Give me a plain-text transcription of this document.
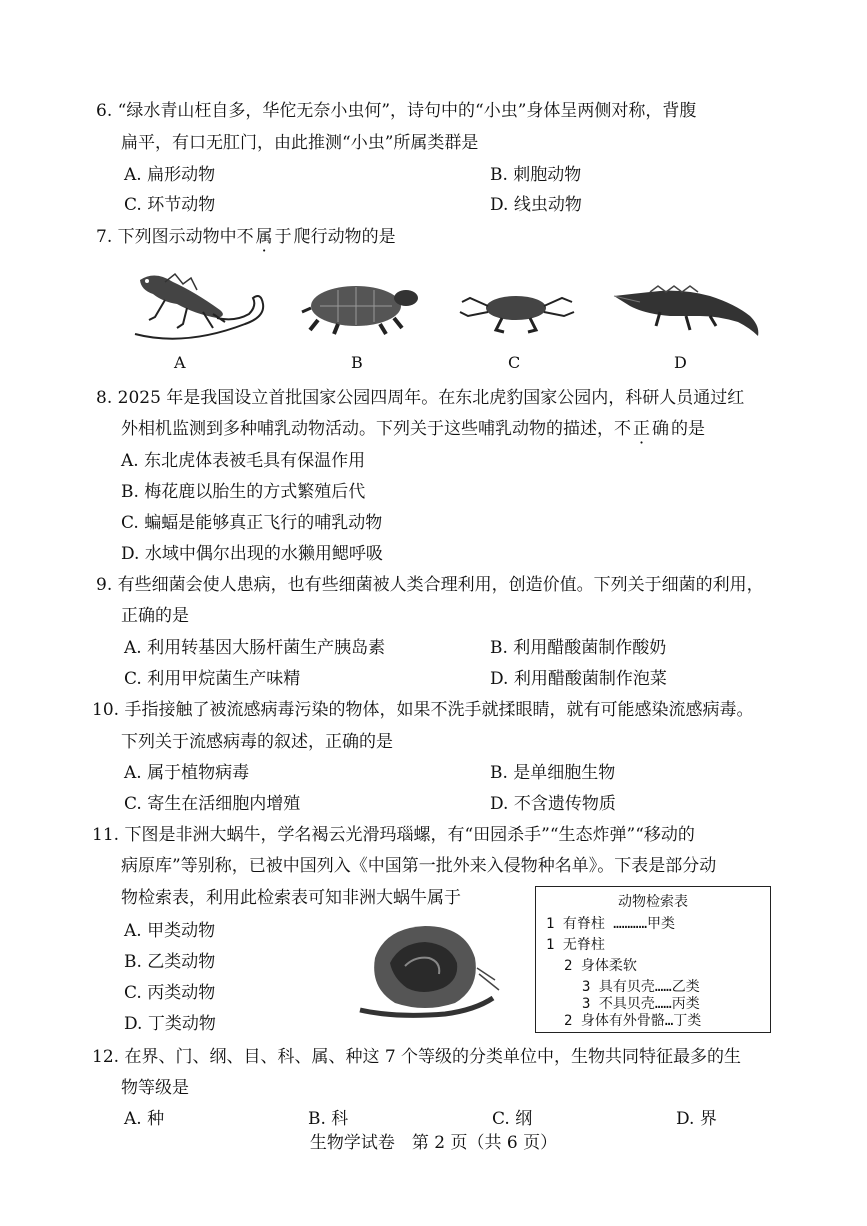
6. “绿水青山枉自多，华佗无奈小虫何”，诗句中的“小虫”身体呈两侧对称，背腹
扁平，有口无肛门，由此推测“小虫”所属类群是
A. 扁形动物	B. 刺胞动物
C. 环节动物	D. 线虫动物
7. 下列图示动物中不属于爬行动物的是
A	B	C	D
8. 2025 年是我国设立首批国家公园四周年。在东北虎豹国家公园内，科研人员通过红
外相机监测到多种哺乳动物活动。下列关于这些哺乳动物的描述，不正确的是
A. 东北虎体表被毛具有保温作用
B. 梅花鹿以胎生的方式繁殖后代
C. 蝙蝠是能够真正飞行的哺乳动物
D. 水域中偶尔出现的水獭用鳃呼吸
9. 有些细菌会使人患病，也有些细菌被人类合理利用，创造价值。下列关于细菌的利用，
正确的是
A. 利用转基因大肠杆菌生产胰岛素	B. 利用醋酸菌制作酸奶
C. 利用甲烷菌生产味精	D. 利用醋酸菌制作泡菜
10. 手指接触了被流感病毒污染的物体，如果不洗手就揉眼睛，就有可能感染流感病毒。
下列关于流感病毒的叙述，正确的是
A. 属于植物病毒	B. 是单细胞生物
C. 寄生在活细胞内增殖	D. 不含遗传物质
11. 下图是非洲大蜗牛，学名褐云光滑玛瑙螺，有“田园杀手”“生态炸弹”“移动的
病原库”等别称，已被中国列入《中国第一批外来入侵物种名单》。下表是部分动
物检索表，利用此检索表可知非洲大蜗牛属于
A. 甲类动物
B. 乙类动物
C. 丙类动物
D. 丁类动物
动物检索表
1 有脊柱 …………甲类
1 无脊柱
2 身体柔软
3 具有贝壳……乙类
3 不具贝壳……丙类
2 身体有外骨骼…丁类
12. 在界、门、纲、目、科、属、种这 7 个等级的分类单位中，生物共同特征最多的生
物等级是
A. 种	B. 科	C. 纲	D. 界
生物学试卷　第 2 页（共 6 页）
